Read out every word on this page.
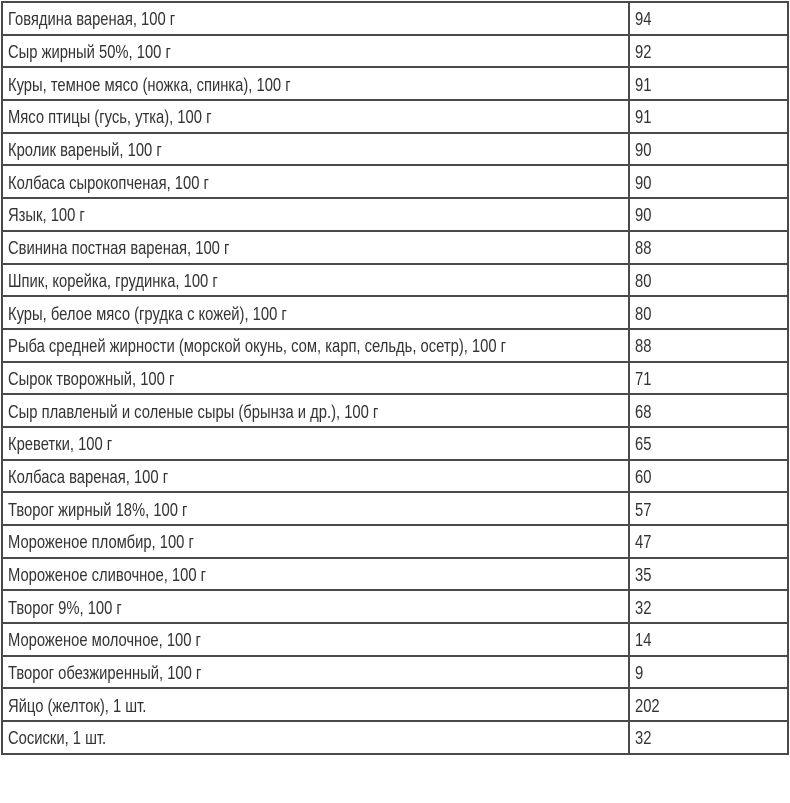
Говядина вареная, 100 г	94
Сыр жирный 50%, 100 г	92
Куры, темное мясо (ножка, спинка), 100 г	91
Мясо птицы (гусь, утка), 100 г	91
Кролик вареный, 100 г	90
Колбаса сырокопченая, 100 г	90
Язык, 100 г	90
Свинина постная вареная, 100 г	88
Шпик, корейка, грудинка, 100 г	80
Куры, белое мясо (грудка с кожей), 100 г	80
Рыба средней жирности (морской окунь, сом, карп, сельдь, осетр), 100 г	88
Сырок творожный, 100 г	71
Сыр плавленый и соленые сыры (брынза и др.), 100 г	68
Креветки, 100 г	65
Колбаса вареная, 100 г	60
Творог жирный 18%, 100 г	57
Мороженое пломбир, 100 г	47
Мороженое сливочное, 100 г	35
Творог 9%, 100 г	32
Мороженое молочное, 100 г	14
Творог обезжиренный, 100 г	9
Яйцо (желток), 1 шт.	202
Сосиски, 1 шт.	32
